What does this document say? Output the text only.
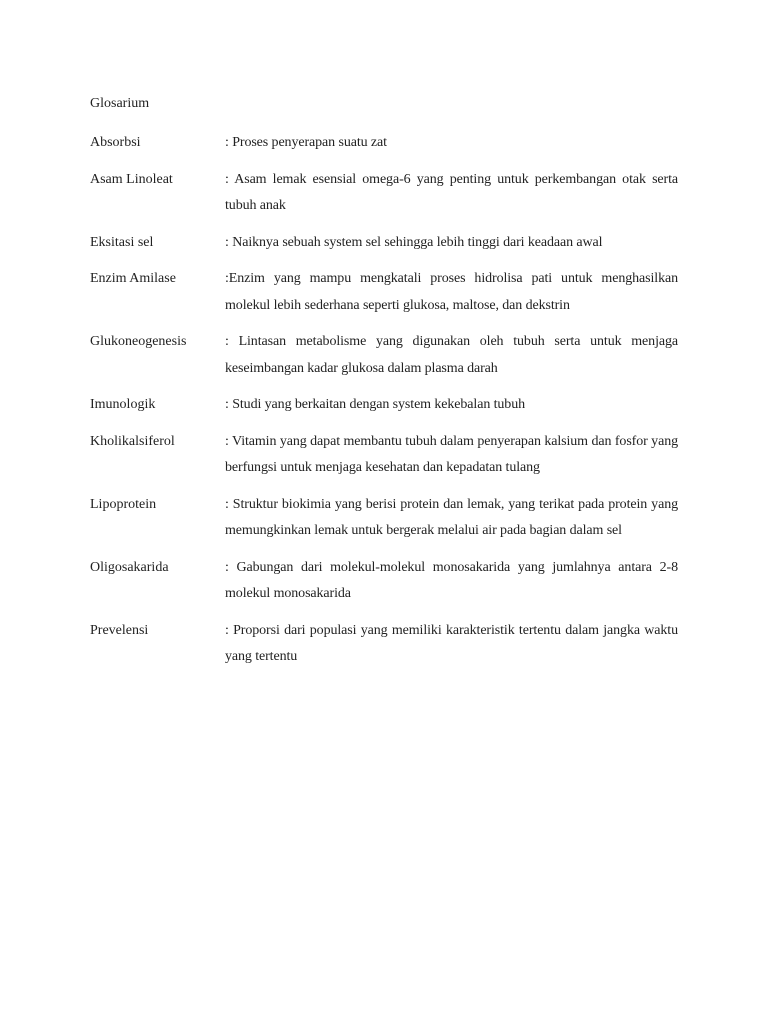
Glosarium
Absorbsi	: Proses penyerapan suatu zat
Asam Linoleat	: Asam lemak esensial omega-6 yang penting untuk perkembangan otak serta tubuh anak
Eksitasi sel	: Naiknya sebuah system sel sehingga lebih tinggi dari keadaan awal
Enzim Amilase	:Enzim yang mampu mengkatali proses hidrolisa pati untuk menghasilkan molekul lebih sederhana seperti glukosa, maltose, dan dekstrin
Glukoneogenesis	: Lintasan metabolisme yang digunakan oleh tubuh serta untuk menjaga keseimbangan kadar glukosa dalam plasma darah
Imunologik	: Studi yang berkaitan dengan system kekebalan tubuh
Kholikalsiferol	: Vitamin yang dapat membantu tubuh dalam penyerapan kalsium dan fosfor yang berfungsi untuk menjaga kesehatan dan kepadatan tulang
Lipoprotein	: Struktur biokimia yang berisi protein dan lemak, yang terikat pada protein yang memungkinkan lemak untuk bergerak melalui air pada bagian dalam sel
Oligosakarida	: Gabungan dari molekul-molekul monosakarida yang jumlahnya antara 2-8 molekul monosakarida
Prevelensi	: Proporsi dari populasi yang memiliki karakteristik tertentu dalam jangka waktu yang tertentu
